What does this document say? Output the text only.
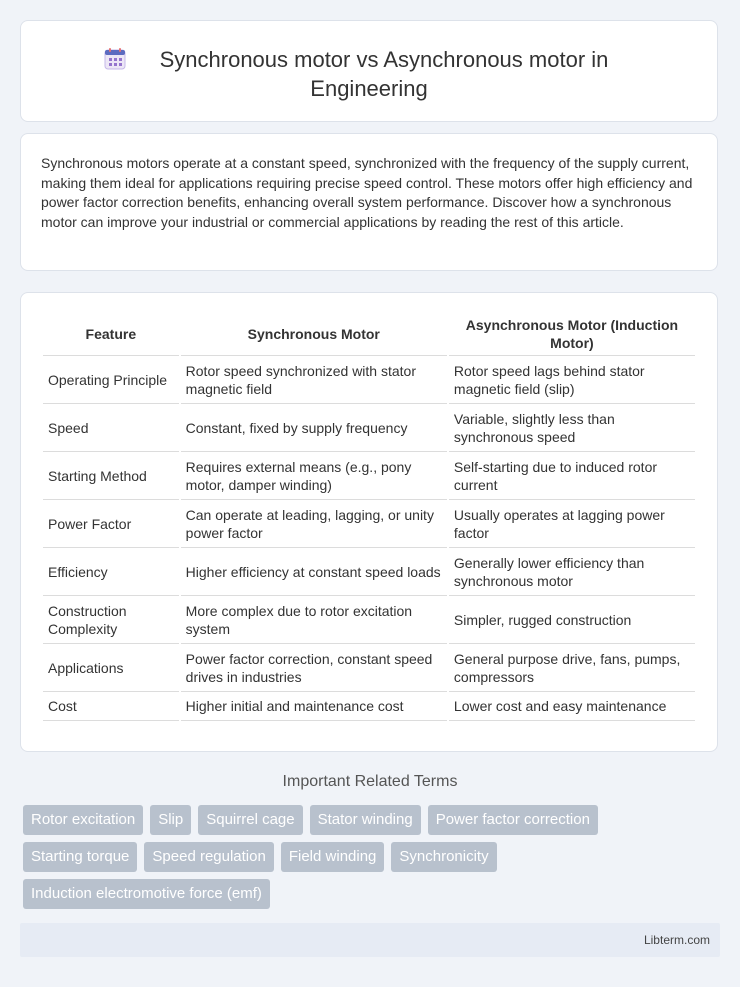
Synchronous motor vs Asynchronous motor in Engineering
Synchronous motors operate at a constant speed, synchronized with the frequency of the supply current, making them ideal for applications requiring precise speed control. These motors offer high efficiency and power factor correction benefits, enhancing overall system performance. Discover how a synchronous motor can improve your industrial or commercial applications by reading the rest of this article.
Feature	Synchronous Motor	Asynchronous Motor (Induction Motor)
Operating Principle	Rotor speed synchronized with stator magnetic field	Rotor speed lags behind stator magnetic field (slip)
Speed	Constant, fixed by supply frequency	Variable, slightly less than synchronous speed
Starting Method	Requires external means (e.g., pony motor, damper winding)	Self-starting due to induced rotor current
Power Factor	Can operate at leading, lagging, or unity power factor	Usually operates at lagging power factor
Efficiency	Higher efficiency at constant speed loads	Generally lower efficiency than synchronous motor
Construction Complexity	More complex due to rotor excitation system	Simpler, rugged construction
Applications	Power factor correction, constant speed drives in industries	General purpose drive, fans, pumps, compressors
Cost	Higher initial and maintenance cost	Lower cost and easy maintenance
Important Related Terms
Rotor excitation	Slip	Squirrel cage	Stator winding	Power factor correction
Starting torque	Speed regulation	Field winding	Synchronicity
Induction electromotive force (emf)
Libterm.com
